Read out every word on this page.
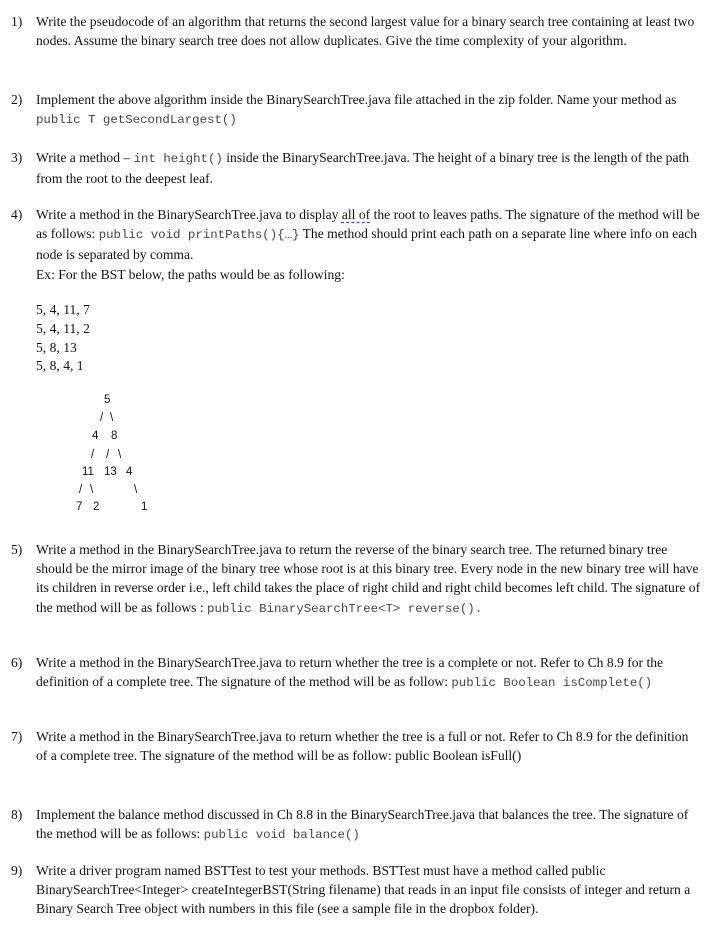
1)	Write the pseudocode of an algorithm that returns the second largest value for a binary search tree containing at least two nodes. Assume the binary search tree does not allow duplicates. Give the time complexity of your algorithm.
2)	Implement the above algorithm inside the BinarySearchTree.java file attached in the zip folder. Name your method as public T getSecondLargest()
3)	Write a method – int height() inside the BinarySearchTree.java. The height of a binary tree is the length of the path from the root to the deepest leaf.
4)	Write a method in the BinarySearchTree.java to display all of the root to leaves paths. The signature of the method will be as follows: public void printPaths(){…} The method should print each path on a separate line where info on each node is separated by comma.
Ex: For the BST below, the paths would be as following:
5, 4, 11, 7
5, 4, 11, 2
5, 8, 13
5, 8, 4, 1
5
/ \
4 8
/ / \
11 13 4
/ \	\
7 2	1
5)	Write a method in the BinarySearchTree.java to return the reverse of the binary search tree. The returned binary tree should be the mirror image of the binary tree whose root is at this binary tree. Every node in the new binary tree will have its children in reverse order i.e., left child takes the place of right child and right child becomes left child. The signature of the method will be as follows : public BinarySearchTree<T> reverse().
6)	Write a method in the BinarySearchTree.java to return whether the tree is a complete or not. Refer to Ch 8.9 for the definition of a complete tree. The signature of the method will be as follow: public Boolean isComplete()
7)	Write a method in the BinarySearchTree.java to return whether the tree is a full or not. Refer to Ch 8.9 for the definition of a complete tree. The signature of the method will be as follow: public Boolean isFull()
8)	Implement the balance method discussed in Ch 8.8 in the BinarySearchTree.java that balances the tree. The signature of the method will be as follows: public void balance()
9)	Write a driver program named BSTTest to test your methods. BSTTest must have a method called public BinarySearchTree<Integer> createIntegerBST(String filename) that reads in an input file consists of integer and return a Binary Search Tree object with numbers in this file (see a sample file in the dropbox folder).
